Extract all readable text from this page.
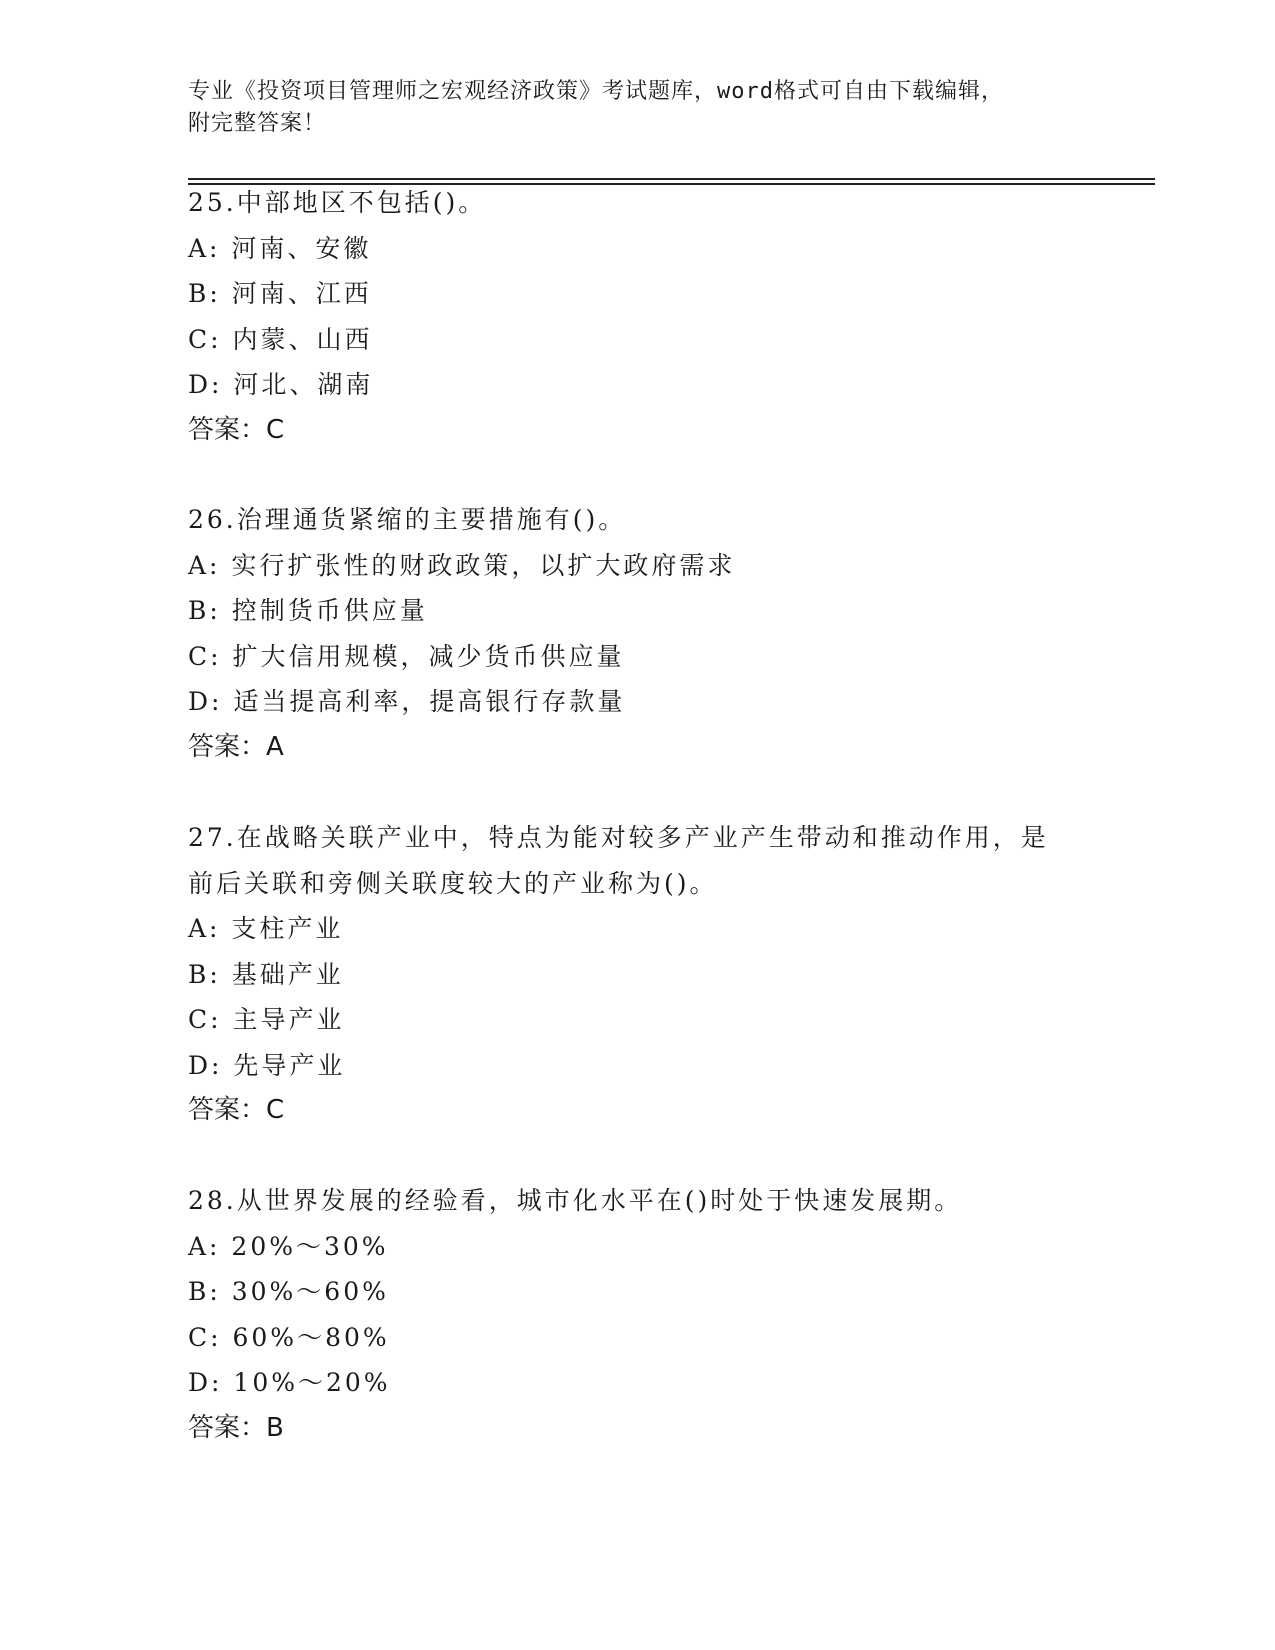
专业《投资项目管理师之宏观经济政策》考试题库，word格式可自由下载编辑，
附完整答案！
25.中部地区不包括()。
A: 河南、安徽
B: 河南、江西
C: 内蒙、山西
D: 河北、湖南
答案：C
26.治理通货紧缩的主要措施有()。
A: 实行扩张性的财政政策，以扩大政府需求
B: 控制货币供应量
C: 扩大信用规模，减少货币供应量
D: 适当提高利率，提高银行存款量
答案：A
27.在战略关联产业中，特点为能对较多产业产生带动和推动作用，是
前后关联和旁侧关联度较大的产业称为()。
A: 支柱产业
B: 基础产业
C: 主导产业
D: 先导产业
答案：C
28.从世界发展的经验看，城市化水平在()时处于快速发展期。
A: 20%～30%
B: 30%～60%
C: 60%～80%
D: 10%～20%
答案：B
